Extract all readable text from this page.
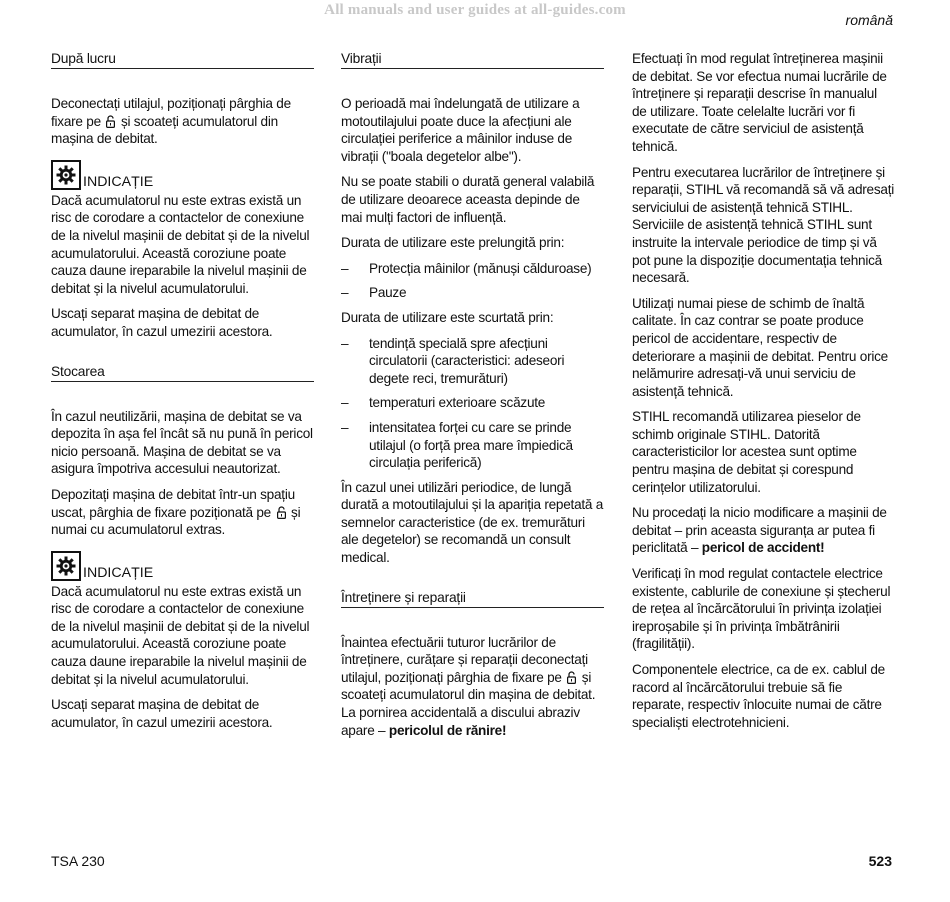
All manuals and user guides at all-guides.com
română
După lucru

Deconectați utilajul, poziționați pârghia de fixare pe  și scoateți acumulatorul din mașina de debitat.

INDICAȚIE

Dacă acumulatorul nu este extras există un risc de corodare a contactelor de conexiune de la nivelul mașinii de debitat și de la nivelul acumulatorului. Această coroziune poate cauza daune ireparabile la nivelul mașinii de debitat și la nivelul acumulatorului.

Uscați separat mașina de debitat de acumulator, în cazul umezirii acestora.

Stocarea

În cazul neutilizării, mașina de debitat se va depozita în așa fel încât să nu pună în pericol nicio persoană. Mașina de debitat se va asigura împotriva accesului neautorizat.

Depozitați mașina de debitat într-un spațiu uscat, pârghia de fixare poziționată pe  și numai cu acumulatorul extras.

INDICAȚIE

Dacă acumulatorul nu este extras există un risc de corodare a contactelor de conexiune de la nivelul mașinii de debitat și de la nivelul acumulatorului. Această coroziune poate cauza daune ireparabile la nivelul mașinii de debitat și la nivelul acumulatorului.

Uscați separat mașina de debitat de acumulator, în cazul umezirii acestora.

Vibrații

O perioadă mai îndelungată de utilizare a motoutilajului poate duce la afecțiuni ale circulației periferice a mâinilor induse de vibrații ("boala degetelor albe").

Nu se poate stabili o durată general valabilă de utilizare deoarece aceasta depinde de mai mulți factori de influență.

Durata de utilizare este prelungită prin:

– Protecția mâinilor (mănuși călduroase)
– Pauze

Durata de utilizare este scurtată prin:

– tendință specială spre afecțiuni circulatorii (caracteristici: adeseori degete reci, tremurături)
– temperaturi exterioare scăzute
– intensitatea forței cu care se prinde utilajul (o forță prea mare împiedică circulația periferică)

În cazul unei utilizări periodice, de lungă durată a motoutilajului și la apariția repetată a semnelor caracteristice (de ex. tremurături ale degetelor) se recomandă un consult medical.

Întreținere și reparații

Înaintea efectuării tuturor lucrărilor de întreținere, curățare și reparații deconectați utilajul, poziționați pârghia de fixare pe  și scoateți acumulatorul din mașina de debitat. La pornirea accidentală a discului abraziv apare – pericolul de rănire!

Efectuați în mod regulat întreținerea mașinii de debitat. Se vor efectua numai lucrările de întreținere și reparații descrise în manualul de utilizare. Toate celelalte lucrări vor fi executate de către serviciul de asistență tehnică.

Pentru executarea lucrărilor de întreținere și reparații, STIHL vă recomandă să vă adresați serviciului de asistență tehnică STIHL. Serviciile de asistență tehnică STIHL sunt instruite la intervale periodice de timp și vă pot pune la dispoziție documentația tehnică necesară.

Utilizați numai piese de schimb de înaltă calitate. În caz contrar se poate produce pericol de accidentare, respectiv de deteriorare a mașinii de debitat. Pentru orice nelămurire adresați-vă unui serviciu de asistență tehnică.

STIHL recomandă utilizarea pieselor de schimb originale STIHL. Datorită caracteristicilor lor acestea sunt optime pentru mașina de debitat și corespund cerințelor utilizatorului.

Nu procedați la nicio modificare a mașinii de debitat – prin aceasta siguranța ar putea fi periclitată – pericol de accident!

Verificați în mod regulat contactele electrice existente, cablurile de conexiune și ștecherul de rețea al încărcătorului în privința izolației ireproșabile și în privința îmbătrânirii (fragilității).

Componentele electrice, ca de ex. cablul de racord al încărcătorului trebuie să fie reparate, respectiv înlocuite numai de către specialiști electrotehnicieni.

TSA 230	523
